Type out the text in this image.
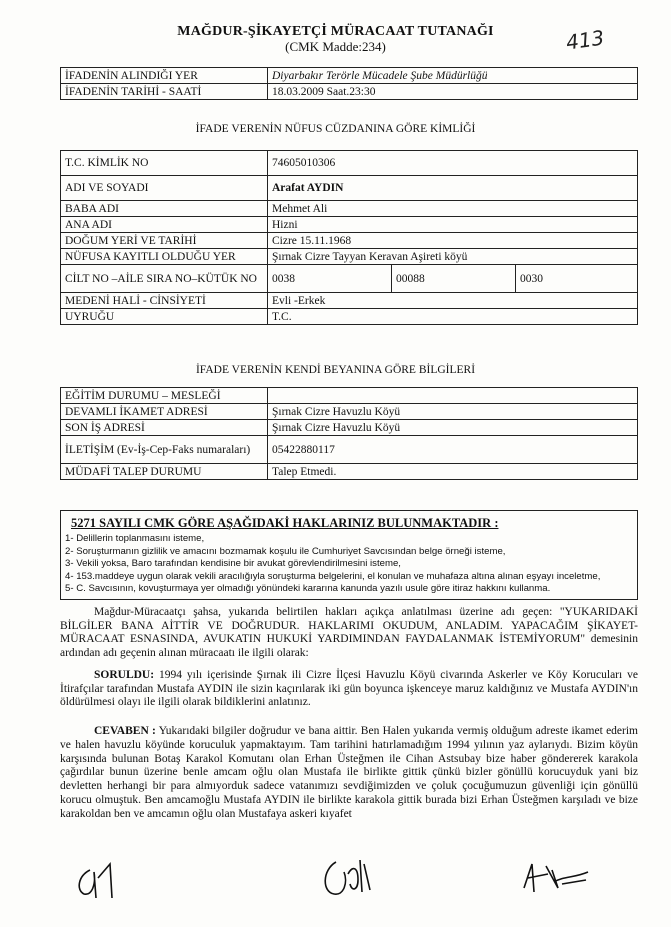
MAĞDUR-ŞİKAYETÇİ MÜRACAAT TUTANAĞI
(CMK Madde:234)	413
İFADENİN ALINDIĞI YER	Diyarbakır Terörle Mücadele Şube Müdürlüğü
İFADENİN TARİHİ - SAATİ	18.03.2009 Saat.23:30
İFADE VERENİN NÜFUS CÜZDANINA GÖRE KİMLİĞİ
T.C. KİMLİK NO	74605010306		
ADI VE SOYADI	Arafat AYDIN		
BABA ADI	Mehmet Ali		
ANA ADI	Hizni		
DOĞUM YERİ VE TARİHİ	Cizre 15.11.1968		
NÜFUSA KAYITLI OLDUĞU YER	Şırnak Cizre Tayyan Keravan Aşireti köyü		
CİLT NO –AİLE SIRA NO–KÜTÜK NO	0038	00088	0030
MEDENİ HALİ - CİNSİYETİ	Evli -Erkek		
UYRUĞU	T.C.		
İFADE VERENİN KENDİ BEYANINA GÖRE BİLGİLERİ
EĞİTİM DURUMU – MESLEĞİ	
DEVAMLI İKAMET ADRESİ	Şırnak Cizre Havuzlu Köyü
SON İŞ ADRESİ	Şırnak Cizre Havuzlu Köyü
İLETİŞİM (Ev-İş-Cep-Faks numaraları)	05422880117
MÜDAFİ TALEP DURUMU	Talep Etmedi.
5271 SAYILI CMK GÖRE AŞAĞIDAKİ HAKLARINIZ BULUNMAKTADIR :
1- Delillerin toplanmasını isteme,
2- Soruşturmanın gizlilik ve amacını bozmamak koşulu ile Cumhuriyet Savcısından belge örneği isteme,
3- Vekili yoksa, Baro tarafından kendisine bir avukat görevlendirilmesini isteme,
4- 153.maddeye uygun olarak vekili aracılığıyla soruşturma belgelerini, el konulan ve muhafaza altına alınan eşyayı inceletme,
5- C. Savcısının, kovuşturmaya yer olmadığı yönündeki kararına kanunda yazılı usule göre itiraz hakkını kullanma.
Mağdur-Müracaatçı şahsa, yukarıda belirtilen hakları açıkça anlatılması üzerine adı geçen: "YUKARIDAKİ BİLGİLER BANA AİTTİR VE DOĞRUDUR. HAKLARIMI OKUDUM, ANLADIM. YAPACAĞIM ŞİKAYET-MÜRACAAT ESNASINDA, AVUKATIN HUKUKİ YARDIMINDAN FAYDALANMAK İSTEMİYORUM" demesinin ardından adı geçenin alınan müracaatı ile ilgili olarak:
SORULDU: 1994 yılı içerisinde Şırnak ili Cizre İlçesi Havuzlu Köyü civarında Askerler ve Köy Korucuları ve İtirafçılar tarafından Mustafa AYDIN ile sizin kaçırılarak iki gün boyunca işkenceye maruz kaldığınız ve Mustafa AYDIN'ın öldürülmesi olayı ile ilgili olarak bildiklerini anlatınız.
CEVABEN : Yukarıdaki bilgiler doğrudur ve bana aittir. Ben Halen yukarıda vermiş olduğum adreste ikamet ederim ve halen havuzlu köyünde koruculuk yapmaktayım. Tam tarihini hatırlamadığım 1994 yılının yaz aylarıydı. Bizim köyün karşısında bulunan Botaş Karakol Komutanı olan Erhan Üsteğmen ile Cihan Astsubay bize haber göndererek karakola çağırdılar bunun üzerine benle amcam oğlu olan Mustafa ile birlikte gittik çünkü bizler gönüllü korucuyduk yani biz devletten herhangi bir para almıyorduk sadece vatanımızı sevdiğimizden ve çoluk çocuğumuzun güvenliği için gönüllü korucu olmuştuk. Ben amcamoğlu Mustafa AYDIN ile birlikte karakola gittik burada bizi Erhan Üsteğmen karşıladı ve bize karakoldan ben ve amcamın oğlu olan Mustafaya askeri kıyafet
